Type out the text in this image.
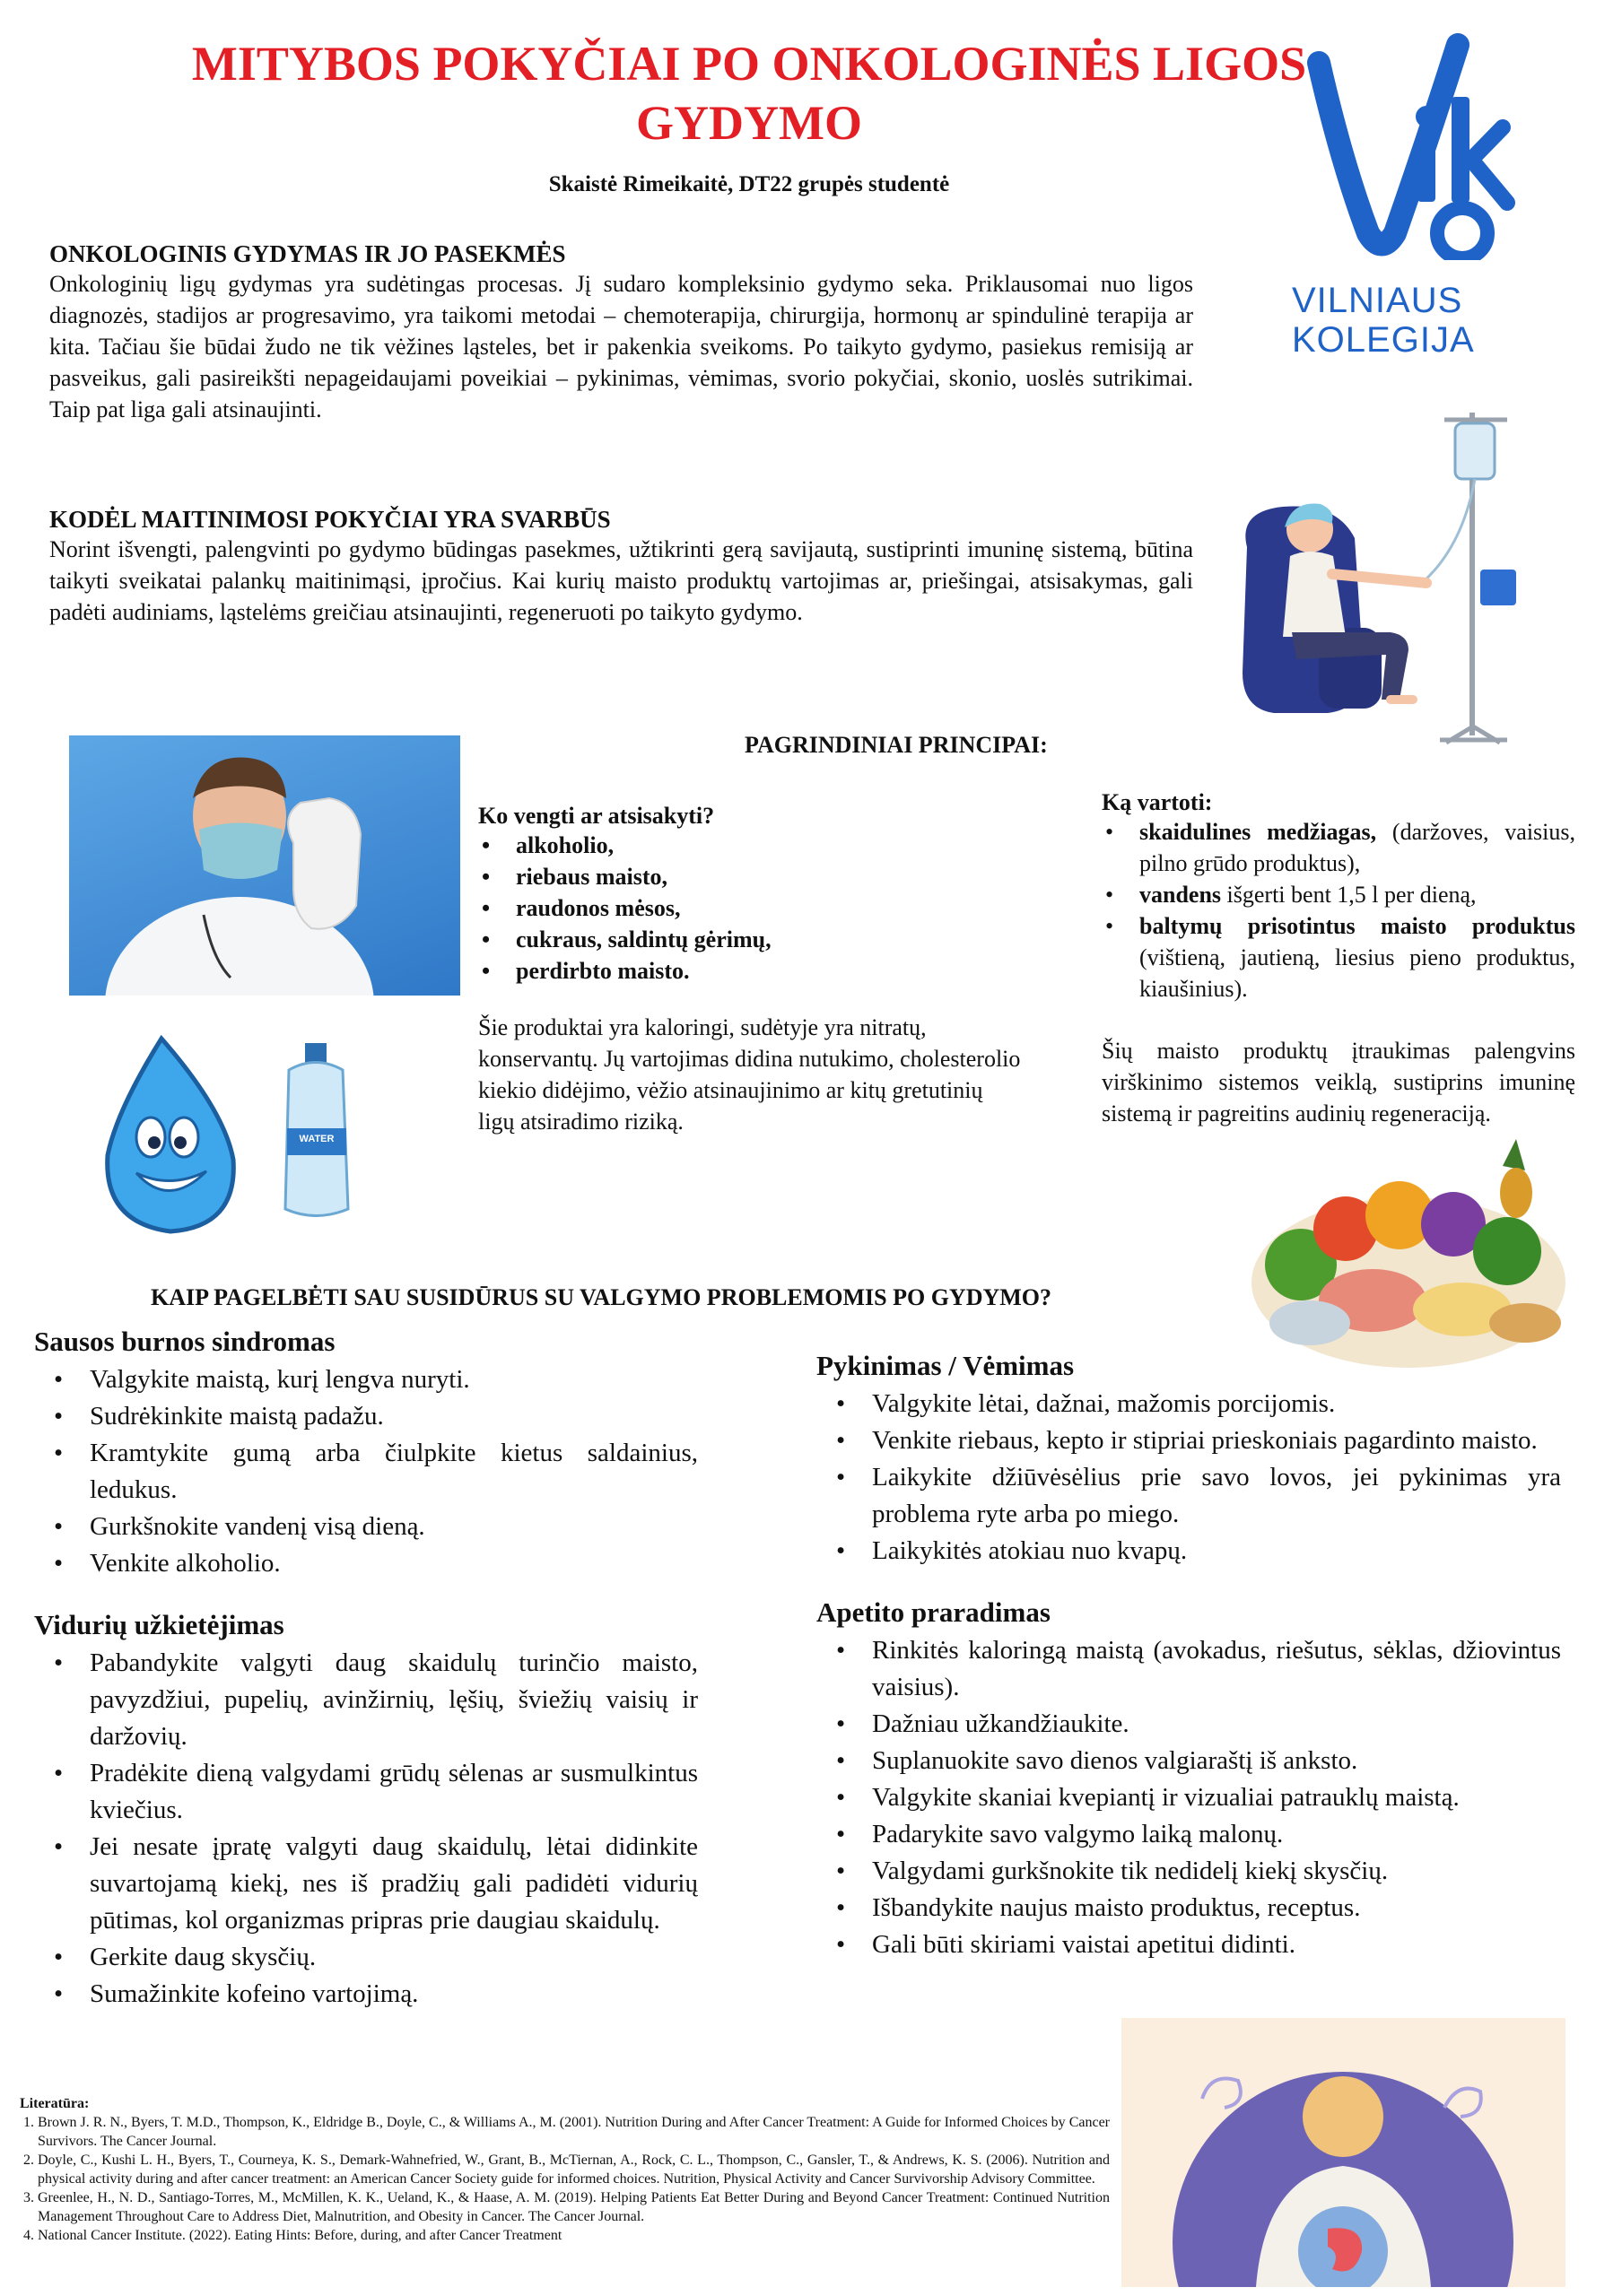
MITYBOS POKYČIAI PO ONKOLOGINĖS LIGOS GYDYMO
Skaistė Rimeikaitė, DT22 grupės studentė
VILNIAUS
KOLEGIJA

ONKOLOGINIS GYDYMAS IR JO PASEKMĖS

Onkologinių ligų gydymas yra sudėtingas procesas. Jį sudaro kompleksinio gydymo seka. Priklausomai nuo ligos diagnozės, stadijos ar progresavimo, yra taikomi metodai – chemoterapija, chirurgija, hormonų ar spindulinė terapija ar kita. Tačiau šie būdai žudo ne tik vėžines ląsteles, bet ir pakenkia sveikoms. Po taikyto gydymo, pasiekus remisiją ar pasveikus, gali pasireikšti nepageidaujami poveikiai – pykinimas, vėmimas, svorio pokyčiai, skonio, uoslės sutrikimai. Taip pat liga gali atsinaujinti.

KODĖL MAITINIMOSI POKYČIAI YRA SVARBŪS

Norint išvengti, palengvinti po gydymo būdingas pasekmes, užtikrinti gerą savijautą, sustiprinti imuninę sistemą, būtina taikyti sveikatai palankų maitinimąsi, įpročius. Kai kurių maisto produktų vartojimas ar, priešingai, atsisakymas, gali padėti audiniams, ląstelėms greičiau atsinaujinti, regeneruoti po taikyto gydymo.

PAGRINDINIAI PRINCIPAI:

Ko vengti ar atsisakyti?

• alkoholio,
• riebaus maisto,
• raudonos mėsos,
• cukraus, saldintų gėrimų,
• perdirbto maisto.

Šie produktai yra kaloringi, sudėtyje yra nitratų, konservantų. Jų vartojimas didina nutukimo, cholesterolio kiekio didėjimo, vėžio atsinaujinimo ar kitų gretutinių ligų atsiradimo riziką.

Ką vartoti:

• skaidulines medžiagas, (daržoves, vaisius, pilno grūdo produktus),
• vandens išgerti bent 1,5 l per dieną,
• baltymų prisotintus maisto produktus (vištieną, jautieną, liesius pieno produktus, kiaušinius).

Šių maisto produktų įtraukimas palengvins virškinimo sistemos veiklą, sustiprins imuninę sistemą ir pagreitins audinių regeneraciją.

WATER
KAIP PAGELBĖTI SAU SUSIDŪRUS SU VALGYMO PROBLEMOMIS PO GYDYMO?
Sausos burnos sindromas
• Valgykite maistą, kurį lengva nuryti.
• Sudrėkinkite maistą padažu.
• Kramtykite gumą arba čiulpkite kietus saldainius, ledukus.
• Gurkšnokite vandenį visą dieną.
• Venkite alkoholio.
Vidurių užkietėjimas
• Pabandykite valgyti daug skaidulų turinčio maisto, pavyzdžiui, pupelių, avinžirnių, lęšių, šviežių vaisių ir daržovių.
• Pradėkite dieną valgydami grūdų sėlenas ar susmulkintus kviečius.
• Jei nesate įpratę valgyti daug skaidulų, lėtai didinkite suvartojamą kiekį, nes iš pradžių gali padidėti vidurių pūtimas, kol organizmas pripras prie daugiau skaidulų.
• Gerkite daug skysčių.
• Sumažinkite kofeino vartojimą.
Pykinimas / Vėmimas
• Valgykite lėtai, dažnai, mažomis porcijomis.
• Venkite riebaus, kepto ir stipriai prieskoniais pagardinto maisto.
• Laikykite džiūvėsėlius prie savo lovos, jei pykinimas yra problema ryte arba po miego.
• Laikykitės atokiau nuo kvapų.
Apetito praradimas
• Rinkitės kaloringą maistą (avokadus, riešutus, sėklas, džiovintus vaisius).
• Dažniau užkandžiaukite.
• Suplanuokite savo dienos valgiaraštį iš anksto.
• Valgykite skaniai kvepiantį ir vizualiai patrauklų maistą.
• Padarykite savo valgymo laiką malonų.
• Valgydami gurkšnokite tik nedidelį kiekį skysčių.
• Išbandykite naujus maisto produktus, receptus.
• Gali būti skiriami vaistai apetitui didinti.
Literatūra:
1. Brown J. R. N., Byers, T. M.D., Thompson, K., Eldridge B., Doyle, C., & Williams A., M. (2001). Nutrition During and After Cancer Treatment: A Guide for Informed Choices by Cancer Survivors. The Cancer Journal.
2. Doyle, C., Kushi L. H., Byers, T., Courneya, K. S., Demark-Wahnefried, W., Grant, B., McTiernan, A., Rock, C. L., Thompson, C., Gansler, T., & Andrews, K. S. (2006). Nutrition and physical activity during and after cancer treatment: an American Cancer Society guide for informed choices. Nutrition, Physical Activity and Cancer Survivorship Advisory Committee.
3. Greenlee, H., N. D., Santiago-Torres, M., McMillen, K. K., Ueland, K., & Haase, A. M. (2019). Helping Patients Eat Better During and Beyond Cancer Treatment: Continued Nutrition Management Throughout Care to Address Diet, Malnutrition, and Obesity in Cancer. The Cancer Journal.
4. National Cancer Institute. (2022). Eating Hints: Before, during, and after Cancer Treatment
